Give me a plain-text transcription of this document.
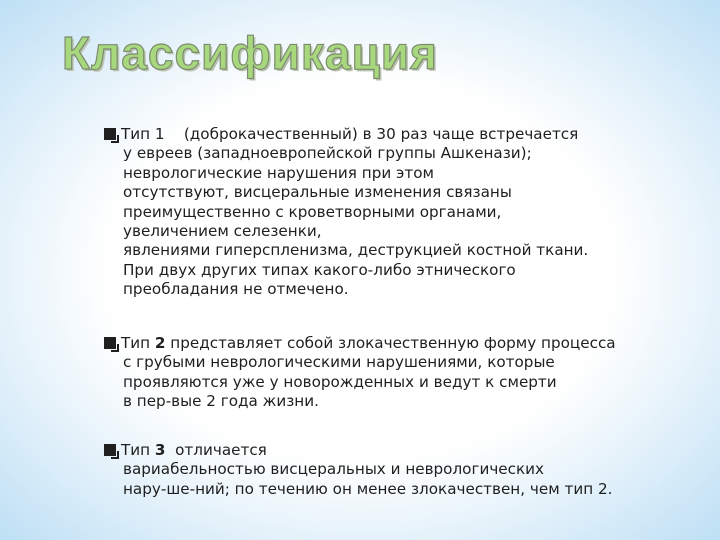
Классификация
Тип 1    (доброкачественный) в 30 раз чаще встречается
у евреев (западноевропейской группы Ашкенази);
неврологические нарушения при этом
отсутствуют, висцеральные изменения связаны
преимущественно с кроветворными органами,
увеличением селезенки,
явлениями гиперспленизма, деструкцией костной ткани.
При двух других типах какого-либо этнического
преобладания не отмечено.
Тип 2 представляет собой злокачественную форму процесса
с грубыми неврологическими нарушениями, которые
проявляются уже у новорожденных и ведут к смерти
в пер-вые 2 года жизни.
Тип 3  отличается
вариабельностью висцеральных и неврологических
нару-ше-ний; по течению он менее злокачествен, чем тип 2.
